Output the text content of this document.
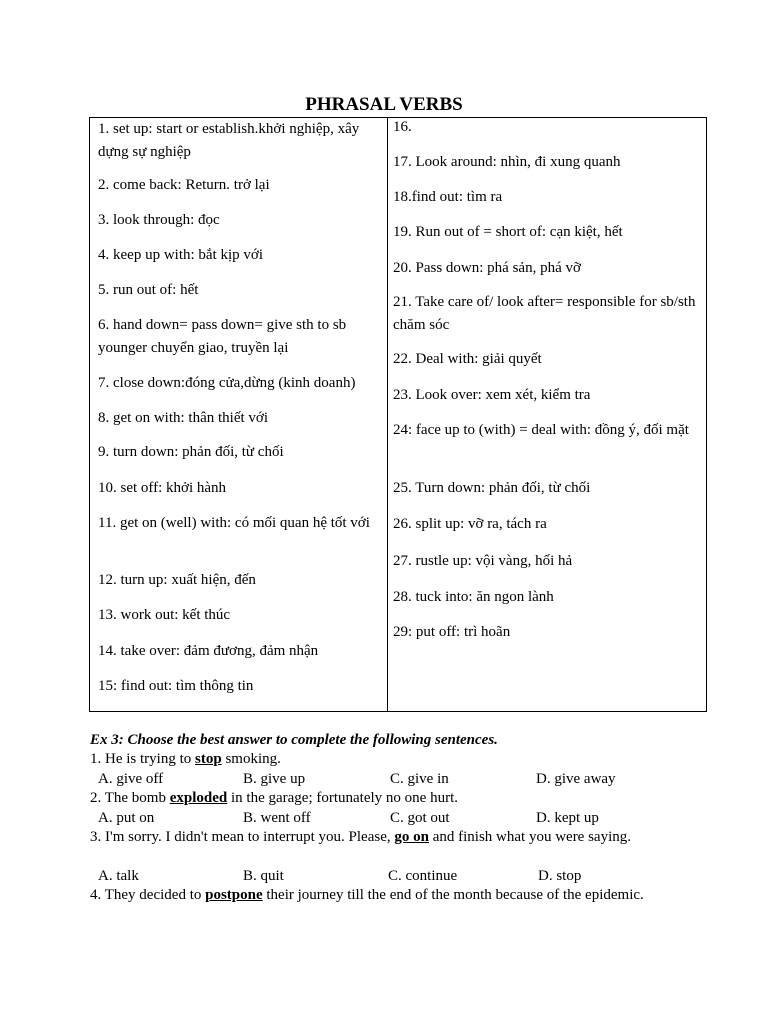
PHRASAL VERBS
1. set up: start or establish.khởi nghiệp, xây dựng sự nghiệp
2. come back: Return. trở lại
3. look through: đọc
4. keep up with: bắt kịp với
5. run out of: hết
6. hand down= pass down= give sth to sb younger chuyển giao, truyền lại
7. close down:đóng cửa,dừng (kinh doanh)
8. get on with: thân thiết với
9. turn down: phản đối, từ chối
10. set off: khởi hành
11. get on (well) with: có mối quan hệ tốt với
12. turn up: xuất hiện, đến
13. work out: kết thúc
14. take over: đảm đương, đảm nhận
15: find out: tìm thông tin
16.
17. Look around: nhìn, đi xung quanh
18.find out: tìm ra
19. Run out of = short of: cạn kiệt, hết
20. Pass down: phá sản, phá vỡ
21. Take care of/ look after= responsible for sb/sth chăm sóc
22. Deal with: giải quyết
23. Look over: xem xét, kiểm tra
24: face up to (with) = deal with: đồng ý, đối mặt
25. Turn down: phản đối, từ chối
26. split up: vỡ ra, tách ra
27. rustle up: vội vàng, hối hả
28. tuck into: ăn ngon lành
29: put off: trì hoãn
Ex 3: Choose the best answer to complete the following sentences.
1. He is trying to stop smoking.
A. give off	B. give up	C. give in	D. give away
2. The bomb exploded in the garage; fortunately no one hurt.
A. put on	B. went off	C. got out	D. kept up
3. I'm sorry. I didn't mean to interrupt you. Please, go on and finish what you were saying.
A. talk	B. quit	C. continue	D. stop
4. They decided to postpone their journey till the end of the month because of the epidemic.
